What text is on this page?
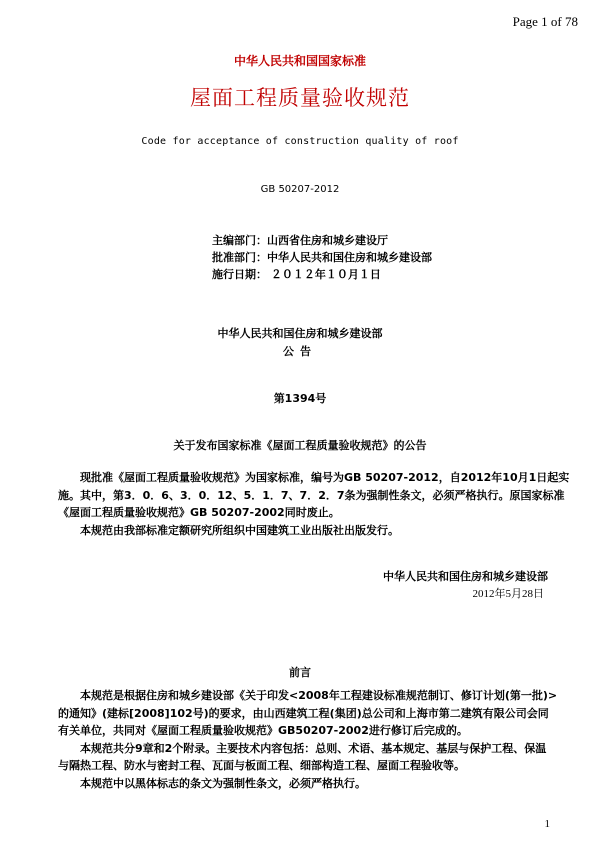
Page 1 of 78
中华人民共和国国家标准
屋面工程质量验收规范
Code for acceptance of construction quality of roof
GB 50207-2012
主编部门：山西省住房和城乡建设厅
批准部门：中华人民共和国住房和城乡建设部
施行日期： ２０１２年１０月１日
中华人民共和国住房和城乡建设部
公告
第1394号
关于发布国家标准《屋面工程质量验收规范》的公告
现批准《屋面工程质量验收规范》为国家标准，编号为GB 50207-2012，自2012年10月1日起实
施。其中，第3．0．6、3．0．12、5．1．7、7．2．7条为强制性条文，必须严格执行。原国家标准
《屋面工程质量验收规范》GB 50207-2002同时废止。
本规范由我部标准定额研究所组织中国建筑工业出版社出版发行。
中华人民共和国住房和城乡建设部
2012年5月28日
前言
本规范是根据住房和城乡建设部《关于印发<2008年工程建设标准规范制订、修订计划(第一批)>
的通知》(建标[2008]102号)的要求，由山西建筑工程(集团)总公司和上海市第二建筑有限公司会同
有关单位，共同对《屋面工程质量验收规范》GB50207-2002进行修订后完成的。
本规范共分9章和2个附录。主要技术内容包括：总则、术语、基本规定、基层与保护工程、保温
与隔热工程、防水与密封工程、瓦面与板面工程、细部构造工程、屋面工程验收等。
本规范中以黑体标志的条文为强制性条文，必须严格执行。
1
